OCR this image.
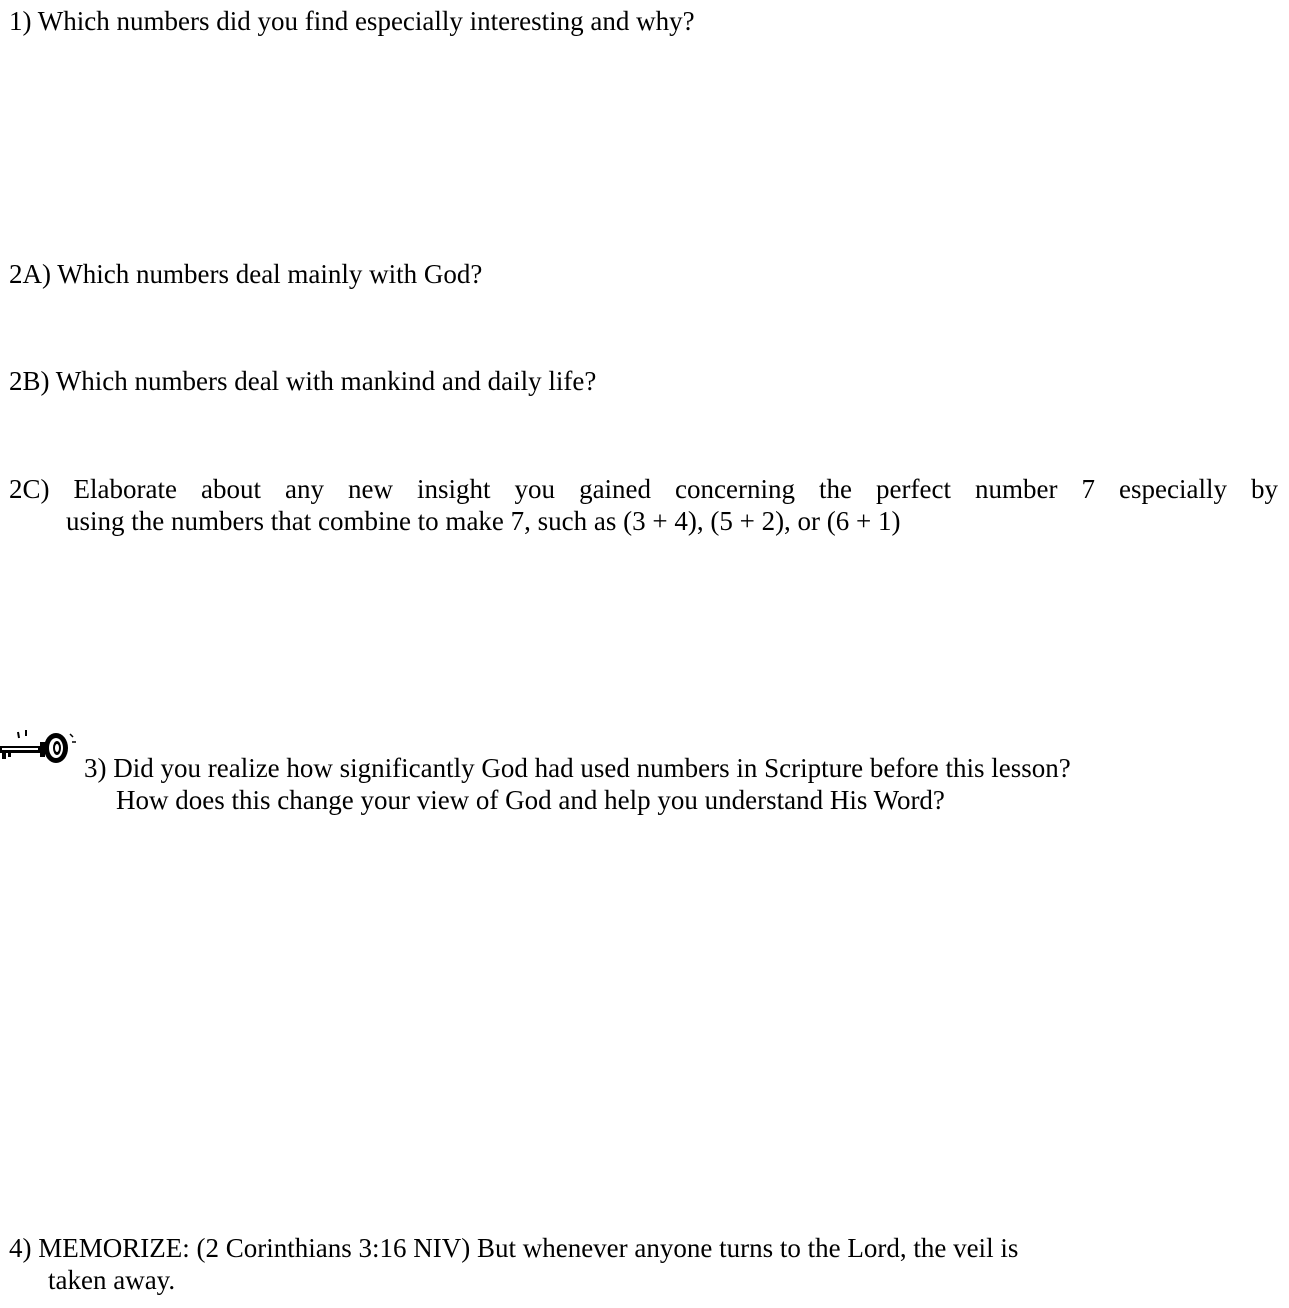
1) Which numbers did you find especially interesting and why?

2A) Which numbers deal mainly with God?

2B) Which numbers deal with mankind and daily life?

2C) Elaborate about any new insight you gained concerning the perfect number 7 especially by
using the numbers that combine to make 7, such as (3 + 4), (5 + 2), or (6 + 1)
3) Did you realize how significantly God had used numbers in Scripture before this lesson?
How does this change your view of God and help you understand His Word?
4) MEMORIZE: (2 Corinthians 3:16 NIV) But whenever anyone turns to the Lord, the veil is
taken away.
